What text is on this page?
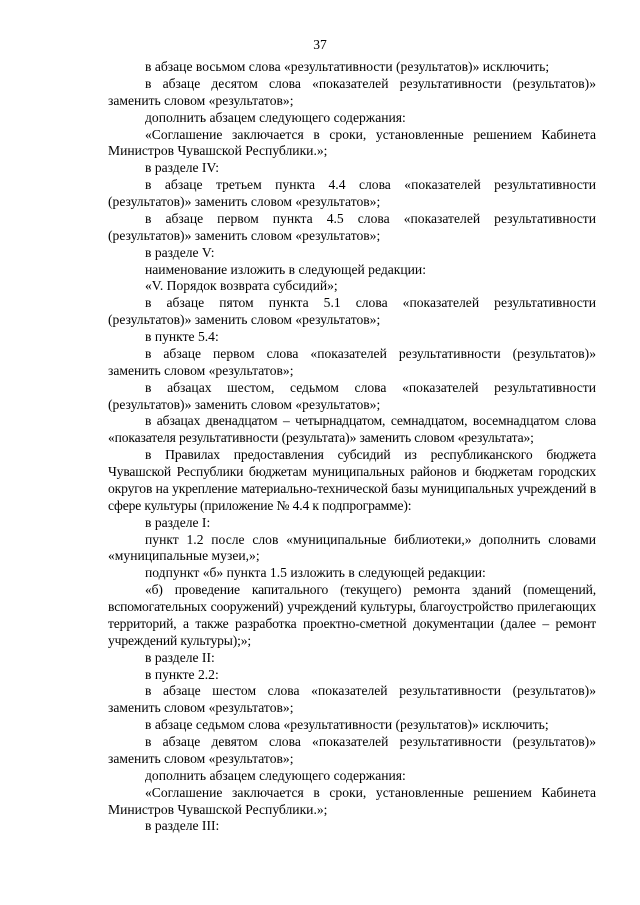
37

в абзаце восьмом слова «результативности (результатов)» исключить;

в абзаце десятом слова «показателей результативности (результатов)» заменить словом «результатов»;

дополнить абзацем следующего содержания:

«Соглашение заключается в сроки, установленные решением Кабинета Министров Чувашской Республики.»;

в разделе IV:

в абзаце третьем пункта 4.4 слова «показателей результативности (результатов)» заменить словом «результатов»;

в абзаце первом пункта 4.5 слова «показателей результативности (результатов)» заменить словом «результатов»;

в разделе V:

наименование изложить в следующей редакции:

«V. Порядок возврата субсидий»;

в абзаце пятом пункта 5.1 слова «показателей результативности (результатов)» заменить словом «результатов»;

в пункте 5.4:

в абзаце первом слова «показателей результативности (результатов)» заменить словом «результатов»;

в абзацах шестом, седьмом слова «показателей результативности (результатов)» заменить словом «результатов»;

в абзацах двенадцатом – четырнадцатом, семнадцатом, восемнадцатом слова «показателя результативности (результата)» заменить словом «результата»;

в Правилах предоставления субсидий из республиканского бюджета Чувашской Республики бюджетам муниципальных районов и бюджетам городских округов на укрепление материально-технической базы муниципальных учреждений в сфере культуры (приложение № 4.4 к подпрограмме):

в разделе I:

пункт 1.2 после слов «муниципальные библиотеки,» дополнить словами «муниципальные музеи,»;

подпункт «б» пункта 1.5 изложить в следующей редакции:

«б) проведение капитального (текущего) ремонта зданий (помещений, вспомогательных сооружений) учреждений культуры, благоустройство прилегающих территорий, а также разработка проектно-сметной документации (далее – ремонт учреждений культуры);»;

в разделе II:

в пункте 2.2:

в абзаце шестом слова «показателей результативности (результатов)» заменить словом «результатов»;

в абзаце седьмом слова «результативности (результатов)» исключить;

в абзаце девятом слова «показателей результативности (результатов)» заменить словом «результатов»;

дополнить абзацем следующего содержания:

«Соглашение заключается в сроки, установленные решением Кабинета Министров Чувашской Республики.»;

в разделе III:
